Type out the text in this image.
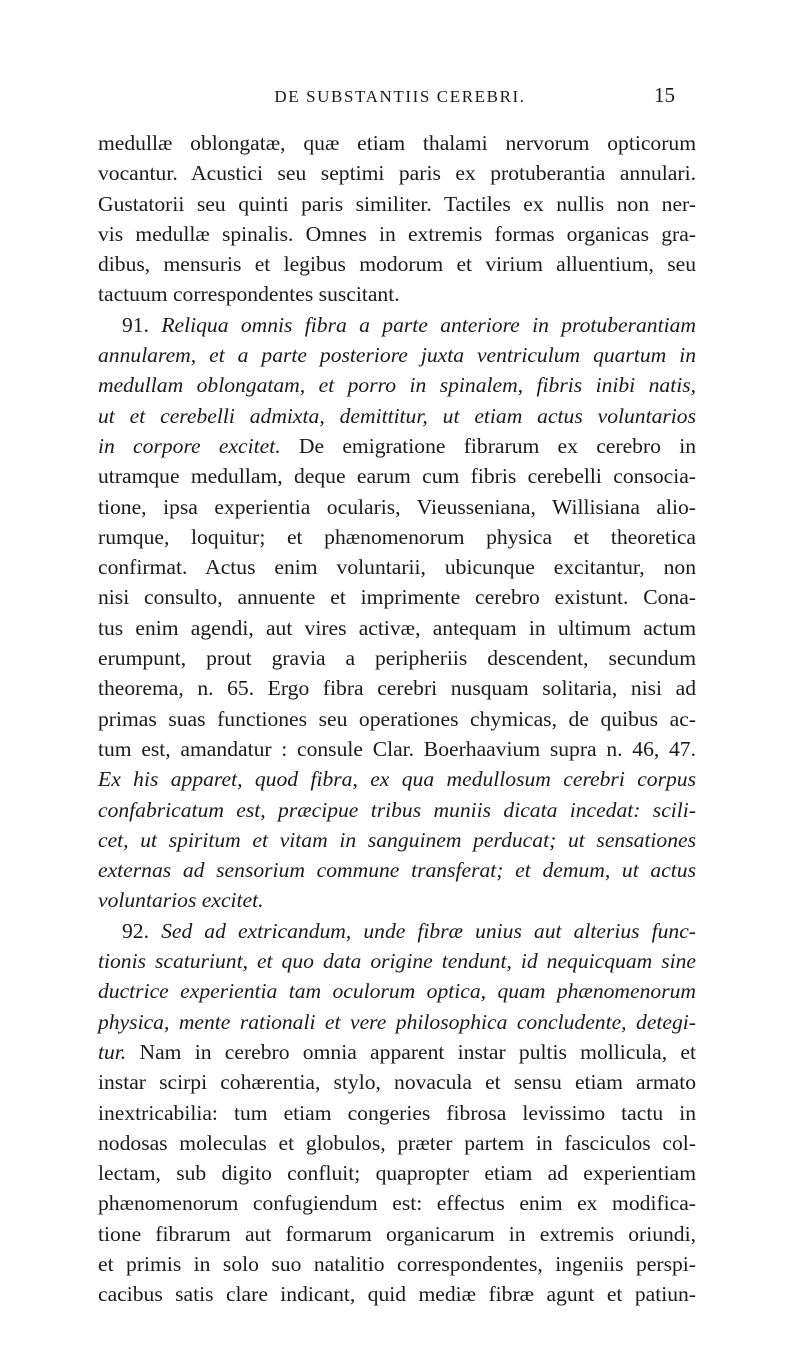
DE SUBSTANTIIS CEREBRI.	15
medullæ oblongatæ, quæ etiam thalami nervorum opticorum
vocantur. Acustici seu septimi paris ex protuberantia annulari.
Gustatorii seu quinti paris similiter. Tactiles ex nullis non ner-
vis medullæ spinalis. Omnes in extremis formas organicas gra-
dibus, mensuris et legibus modorum et virium alluentium, seu
tactuum correspondentes suscitant.
91. Reliqua omnis fibra a parte anteriore in protuberantiam
annularem, et a parte posteriore juxta ventriculum quartum in
medullam oblongatam, et porro in spinalem, fibris inibi natis,
ut et cerebelli admixta, demittitur, ut etiam actus voluntarios
in corpore excitet. De emigratione fibrarum ex cerebro in
utramque medullam, deque earum cum fibris cerebelli consocia-
tione, ipsa experientia ocularis, Vieusseniana, Willisiana alio-
rumque, loquitur; et phænomenorum physica et theoretica
confirmat. Actus enim voluntarii, ubicunque excitantur, non
nisi consulto, annuente et imprimente cerebro existunt. Cona-
tus enim agendi, aut vires activæ, antequam in ultimum actum
erumpunt, prout gravia a peripheriis descendent, secundum
theorema, n. 65. Ergo fibra cerebri nusquam solitaria, nisi ad
primas suas functiones seu operationes chymicas, de quibus ac-
tum est, amandatur : consule Clar. Boerhaavium supra n. 46, 47.
Ex his apparet, quod fibra, ex qua medullosum cerebri corpus
confabricatum est, præcipue tribus muniis dicata incedat: scili-
cet, ut spiritum et vitam in sanguinem perducat; ut sensationes
externas ad sensorium commune transferat; et demum, ut actus
voluntarios excitet.
92. Sed ad extricandum, unde fibræ unius aut alterius func-
tionis scaturiunt, et quo data origine tendunt, id nequicquam sine
ductrice experientia tam oculorum optica, quam phænomenorum
physica, mente rationali et vere philosophica concludente, detegi-
tur. Nam in cerebro omnia apparent instar pultis mollicula, et
instar scirpi cohærentia, stylo, novacula et sensu etiam armato
inextricabilia: tum etiam congeries fibrosa levissimo tactu in
nodosas moleculas et globulos, præter partem in fasciculos col-
lectam, sub digito confluit; quapropter etiam ad experientiam
phænomenorum confugiendum est: effectus enim ex modifica-
tione fibrarum aut formarum organicarum in extremis oriundi,
et primis in solo suo natalitio correspondentes, ingeniis perspi-
cacibus satis clare indicant, quid mediæ fibræ agunt et patiun-
